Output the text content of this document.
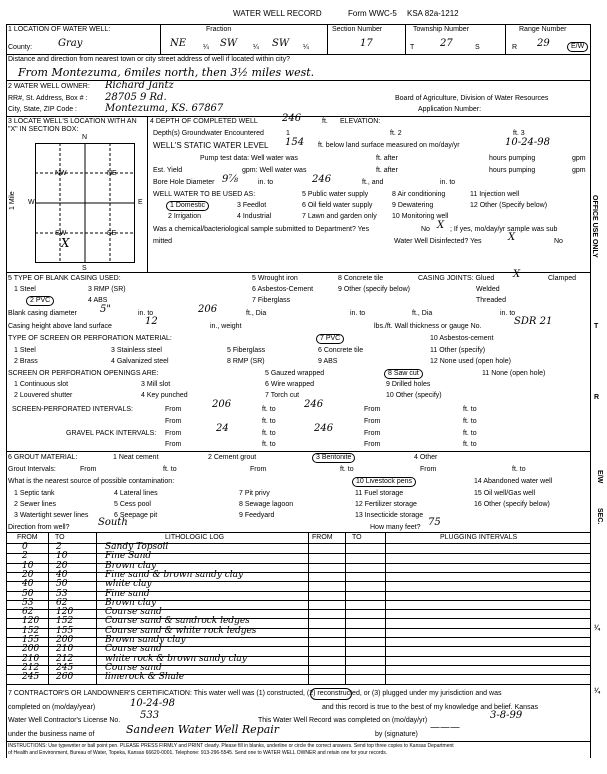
WATER WELL RECORD	Form WWC-5 KSA 82a-1212
1 LOCATION OF WATER WELL:	Fraction	Section Number	Township Number	Range Number
County:	Gray	NE ¼ SW ¼ SW ¼	17	T	27	S	R 29	E/W
Distance and direction from nearest town or city street address of well if located within city?
From Montezuma, 6miles north, then 3½ miles west.
2 WATER WELL OWNER: Richard Jantz
RR#, St. Address, Box # : 28705 9 Rd.	Board of Agriculture, Division of Water Resources
City, State, ZIP Code :	Montezuma, KS. 67867	Application Number:
3 LOCATE WELL'S LOCATION WITH AN "X" IN SECTION BOX:
N
S
W	E
NW	NE
SW	SE
X
1 Mile
4 DEPTH OF COMPLETED WELL 246	ft. ELEVATION:
Depth(s) Groundwater Encountered	1	ft. 2	ft. 3
WELL'S STATIC WATER LEVEL 154 ft. below land surface measured on mo/day/yr	10-24-98
Pump test data: Well water was	ft. after	hours pumping	gpm
Est. Yield	gpm: Well water was	ft. after	hours pumping	gpm
Bore Hole Diameter 9⅞	in. to	246	ft., and	in. to
WELL WATER TO BE USED AS:	5 Public water supply	8 Air conditioning	11 Injection well
1 Domestic	3 Feedlot	6 Oil field water supply	9 Dewatering	12 Other (Specify below)
2 Irrigation	4 Industrial	7 Lawn and garden only 10 Monitoring well
Was a chemical/bacteriological sample submitted to Department? Yes	No X ; If yes, mo/day/yr sample was sub
mitted	Water Well Disinfected? Yes	X	No
5 TYPE OF BLANK CASING USED:	5 Wrought iron	8 Concrete tile	CASING JOINTS: Glued X	Clamped
1 Steel	3 RMP (SR)	6 Asbestos-Cement	9 Other (specify below)	Welded
2 PVC	4 ABS	7 Fiberglass	Threaded
Blank casing diameter 5"	in. to	206	ft., Dia	in. to	ft., Dia	in. to
Casing height above land surface	12	in., weight	lbs./ft. Wall thickness or gauge No.	SDR 21
TYPE OF SCREEN OR PERFORATION MATERIAL:	7 PVC	10 Asbestos-cement
1 Steel	3 Stainless steel	5 Fiberglass	6 Concrete tile	11 Other (specify)
2 Brass	4 Galvanized steel	8 RMP (SR)	9 ABS	12 None used (open hole)
SCREEN OR PERFORATION OPENINGS ARE:	5 Gauzed wrapped	8 Saw cut	11 None (open hole)
1 Continuous slot	3 Mill slot	6 Wire wrapped	9 Drilled holes
2 Louvered shutter	4 Key punched	7 Torch cut	10 Other (specify)
SCREEN-PERFORATED INTERVALS:	From	206	ft. to	246	From	ft. to
From	ft. to	From	ft. to
GRAVEL PACK INTERVALS: From	24	ft. to	246	From	ft. to
From	ft. to	From	ft. to
6 GROUT MATERIAL:	1 Neat cement	2 Cement grout	3 Bentonite	4 Other
Grout Intervals:	From	ft. to	From	ft. to	From	ft. to
What is the nearest source of possible contamination:	10 Livestock pens	14 Abandoned water well
1 Septic tank	4 Lateral lines	7 Pit privy	11 Fuel storage	15 Oil well/Gas well
2 Sewer lines	5 Cess pool	8 Sewage lagoon	12 Fertilizer storage	16 Other (specify below)
3 Watertight sewer lines	6 Seepage pit	9 Feedyard	13 Insecticide storage
Direction from well?	South	How many feet? 75
FROM TO	LITHOLOGIC LOG	FROM	TO	PLUGGING INTERVALS
0	2	Sandy Topsoil
2	10	Fine Sand
10	20	Brown clay
20	40	Fine sand & brown sandy clay
40	50	white clay
50	53	Fine sand
53	62	Brown clay
62	120	Course sand
120 152	Course sand & sandrock ledges
152 155	Course sand & white rock ledges
155 200	Brown sandy clay
200 210	Course sand
210 212	white rock & brown sandy clay
212 245	Course sand
245 260	limerock & Shale
7 CONTRACTOR'S OR LANDOWNER'S CERTIFICATION: This water well was (1) constructed, (2) reconstructed, or (3) plugged under my jurisdiction and was
completed on (mo/day/year)	10-24-98	and this record is true to the best of my knowledge and belief. Kansas
Water Well Contractor's License No. 533	This Water Well Record was completed on (mo/day/yr)	3-8-99
under the business name of	Sandeen Water Well Repair	by (signature)
———
INSTRUCTIONS: Use typewriter or ball point pen. PLEASE PRESS FIRMLY and PRINT clearly. Please fill in blanks, underline or circle the correct answers. Send top three copies to Kansas Department
of Health and Environment, Bureau of Water, Topeka, Kansas 66620-0001. Telephone: 913-296-5545. Send one to WATER WELL OWNER and retain one for your records.
OFFICE USE ONLY
T
R
E/W
SEC.
¼
¼
